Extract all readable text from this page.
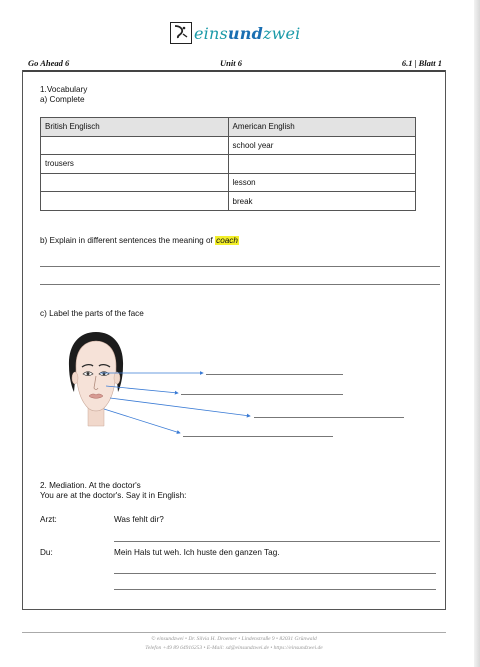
einsundzwei
Go Ahead 6	Unit 6	6.1 | Blatt 1
1.Vocabulary
a) Complete
British Englisch	American English
	school year
trousers	
	lesson
	break
b) Explain in different sentences the meaning of coach
c) Label the parts of the face
2. Mediation. At the doctor's
You are at the doctor's. Say it in English:
Arzt:	Was fehlt dir?
Du:	Mein Hals tut weh. Ich huste den ganzen Tag.
© einsundzwei • Dr. Silvia H. Droemer • Lindenstraße 9 • 82031 Grünwald
Telefon +49 89 64916253 • E-Mail: sd@einsundzwei.de • https://einsundzwei.de
